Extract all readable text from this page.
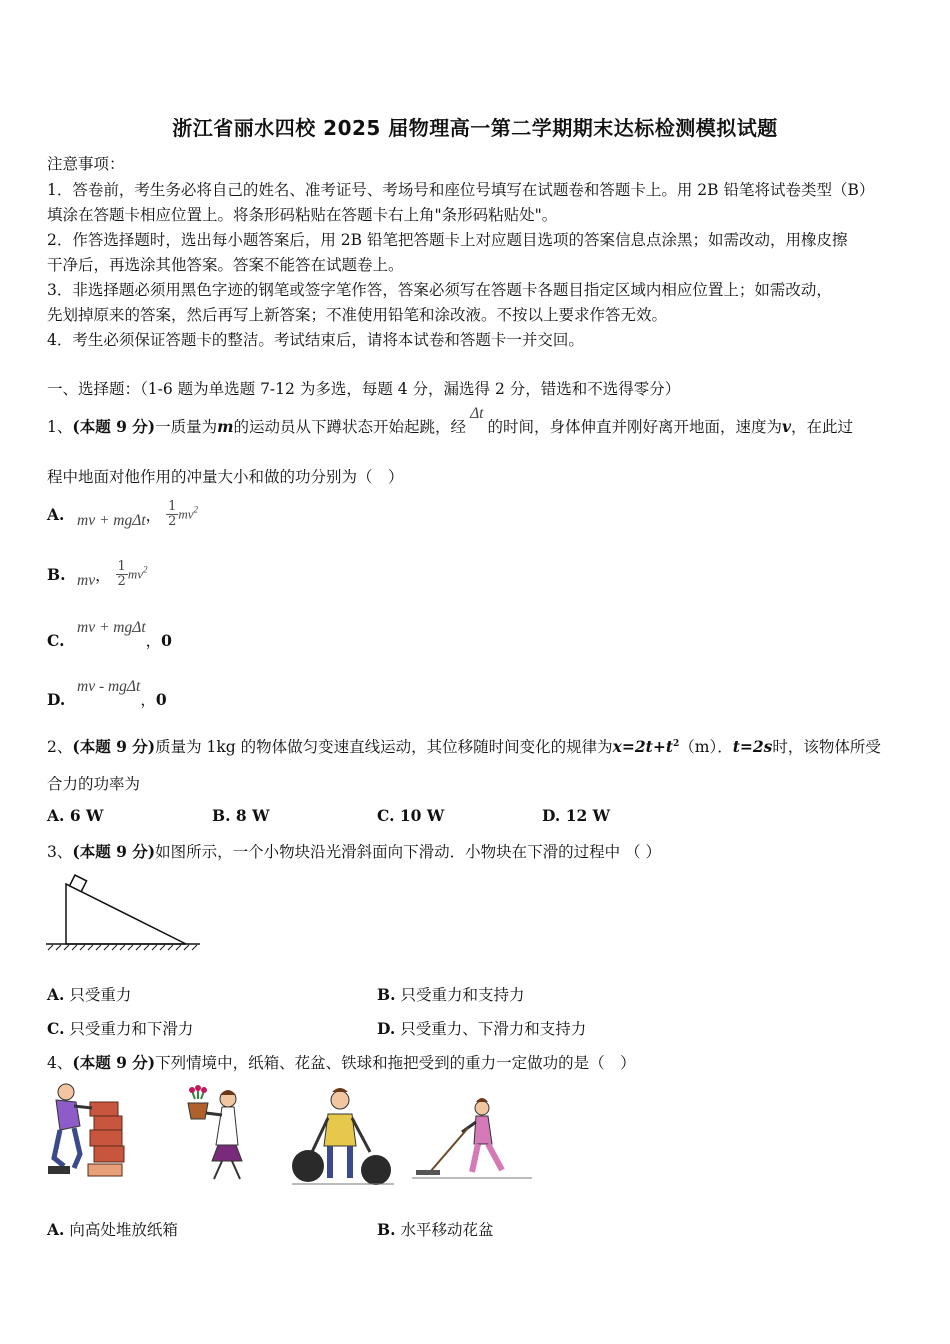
浙江省丽水四校 2025 届物理高一第二学期期末达标检测模拟试题
注意事项：
1．答卷前，考生务必将自己的姓名、准考证号、考场号和座位号填写在试题卷和答题卡上。用 2B 铅笔将试卷类型（B）
填涂在答题卡相应位置上。将条形码粘贴在答题卡右上角"条形码粘贴处"。
2．作答选择题时，选出每小题答案后，用 2B 铅笔把答题卡上对应题目选项的答案信息点涂黑；如需改动，用橡皮擦
干净后，再选涂其他答案。答案不能答在试题卷上。
3．非选择题必须用黑色字迹的钢笔或签字笔作答，答案必须写在答题卡各题目指定区域内相应位置上；如需改动，
先划掉原来的答案，然后再写上新答案；不准使用铅笔和涂改液。不按以上要求作答无效。
4．考生必须保证答题卡的整洁。考试结束后，请将本试卷和答题卡一并交回。
一、选择题：（1-6 题为单选题 7-12 为多选，每题 4 分，漏选得 2 分，错选和不选得零分）
1、(本题 9 分)一质量为m的运动员从下蹲状态开始起跳，经Δt的时间，身体伸直并刚好离开地面，速度为v，在此过
程中地面对他作用的冲量大小和做的功分别为（　）
A. mv + mgΔt， $\frac{1}{2} mv^2$
B. mv， $\frac{1}{2} mv^2$
C.mv + mgΔt，0
D.mv - mgΔt，0
2、(本题 9 分)质量为 1kg 的物体做匀变速直线运动，其位移随时间变化的规律为$x=2t+t^2(m)$．t=2s时，该物体所受
合力的功率为
A. 6 W	B. 8 W	C. 10 W	D. 12 W
3、(本题 9 分)如图所示，一个小物块沿光滑斜面向下滑动．小物块在下滑的过程中 （ ）
A. 只受重力	B. 只受重力和支持力
C. 只受重力和下滑力	D. 只受重力、下滑力和支持力
4、(本题 9 分)下列情境中，纸箱、花盆、铁球和拖把受到的重力一定做功的是（　）
A. 向高处堆放纸箱	B. 水平移动花盆
